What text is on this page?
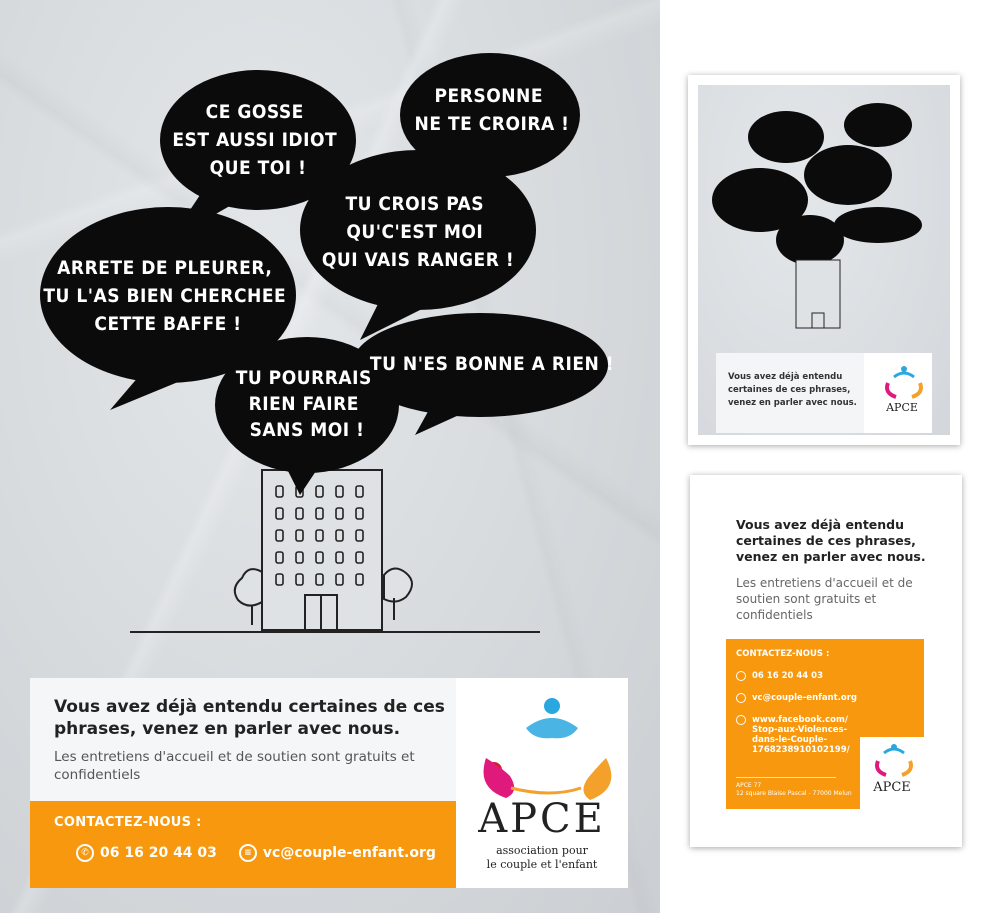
CE GOSSE EST AUSSI IDIOT QUE TOI !
PERSONNE NE TE CROIRA !
TU CROIS PAS QU'C'EST MOI QUI VAIS RANGER !
ARRETE DE PLEURER, TU L'AS BIEN CHERCHEE CETTE BAFFE !
TU N'ES BONNE A RIEN !
TU POURRAIS RIEN FAIRE SANS MOI !
Vous avez déjà entendu certaines de ces phrases, venez en parler avec nous.
Les entretiens d'accueil et de soutien sont gratuits et confidentiels
CONTACTEZ-NOUS :
✆ 06 16 20 44 03	≡ vc@couple-enfant.org
APCE
association pour
le couple et l'enfant
Vous avez déjà entendu certaines de ces phrases, venez en parler avec nous.	APCE
Vous avez déjà entendu certaines de ces phrases, venez en parler avec nous.
Les entretiens d'accueil et de soutien sont gratuits et confidentiels
CONTACTEZ-NOUS :
06 16 20 44 03
vc@couple-enfant.org
www.facebook.com/ Stop-aux-Violences- dans-le-Couple- 1768238910102199/
APCE 77
12 square Blaise Pascal - 77000 Melun APCE
